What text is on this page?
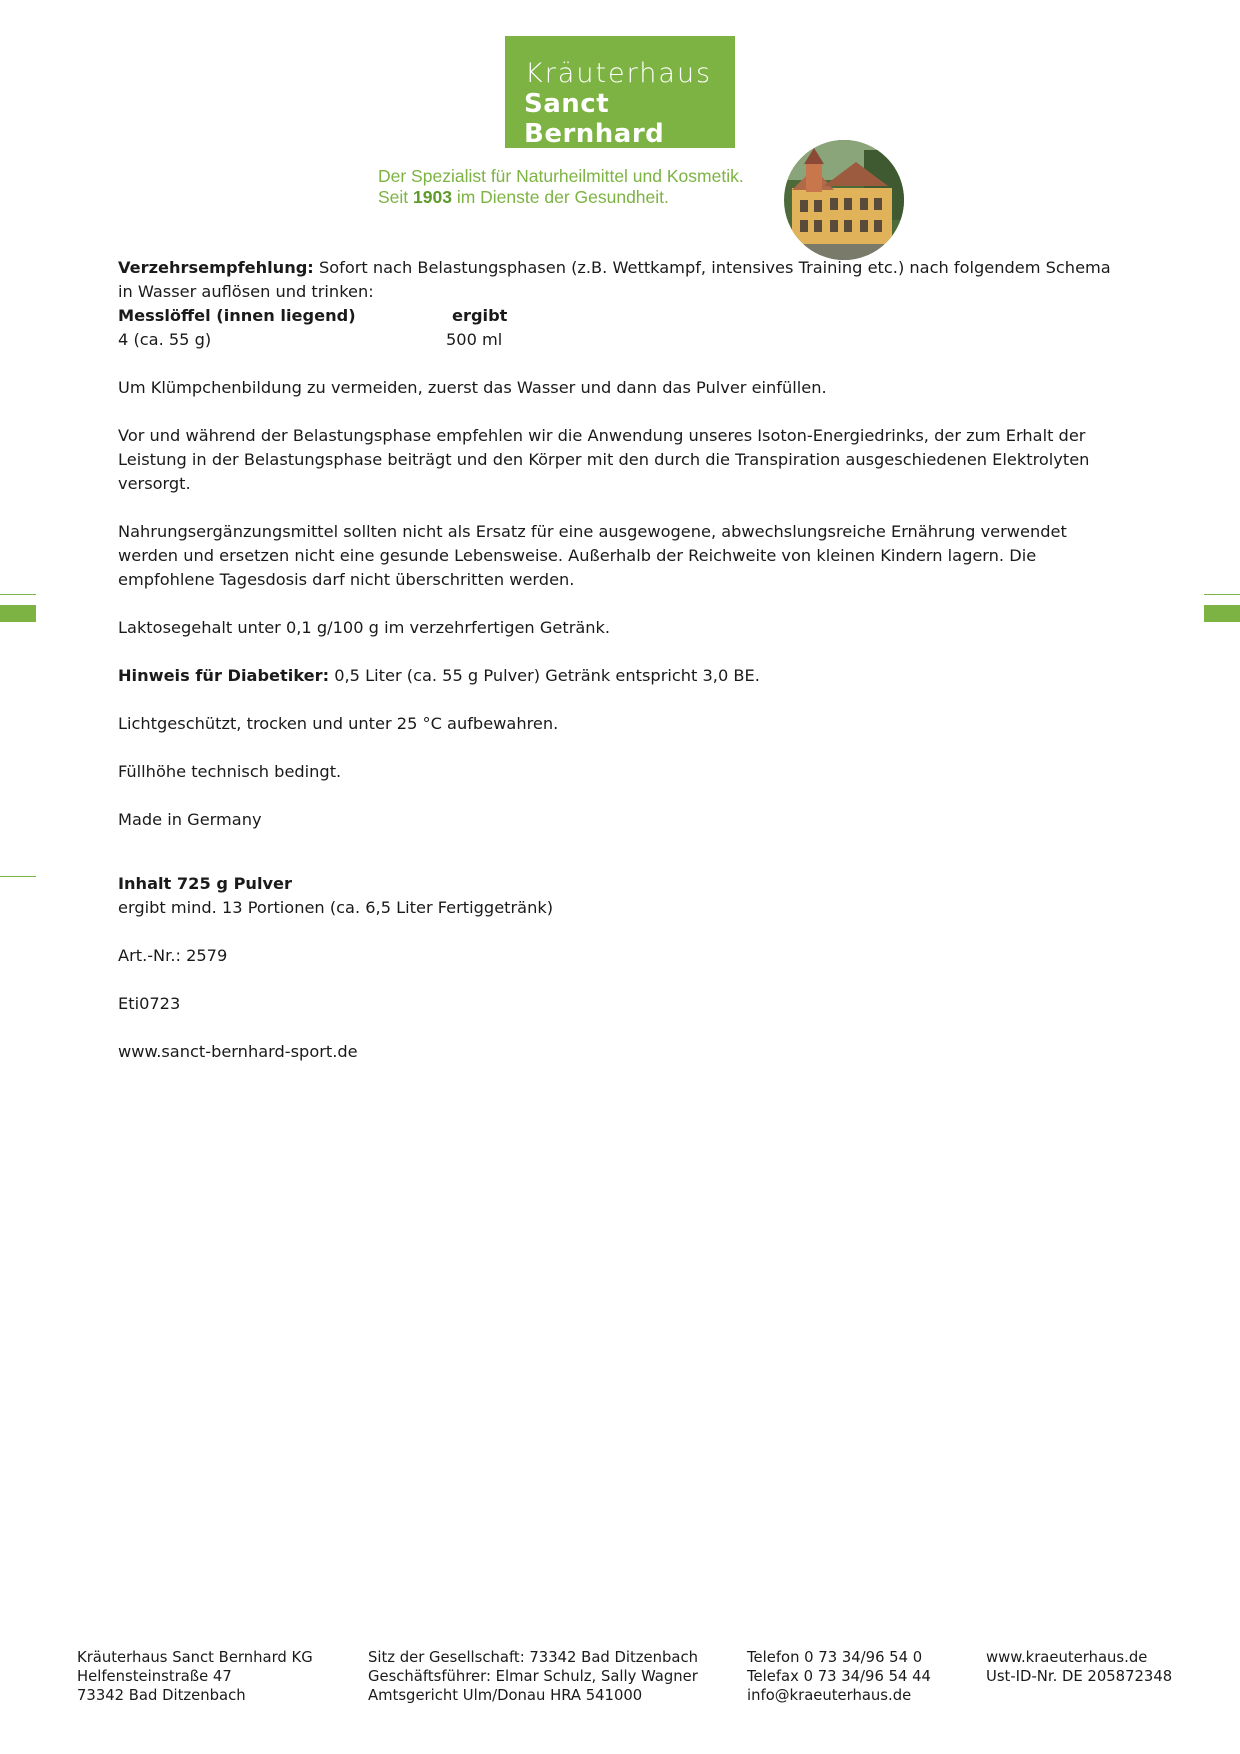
Kräuterhaus
Sanct Bernhard
Der Spezialist für Naturheilmittel und Kosmetik.
Seit 1903 im Dienste der Gesundheit.

Verzehrsempfehlung: Sofort nach Belastungsphasen (z.B. Wettkampf, intensives Training etc.) nach folgendem Schema in Wasser auflösen und trinken:

Messlöffel (innen liegend)	ergibt
4 (ca. 55 g)	500 ml

Um Klümpchenbildung zu vermeiden, zuerst das Wasser und dann das Pulver einfüllen.

Vor und während der Belastungsphase empfehlen wir die Anwendung unseres Isoton-Energiedrinks, der zum Erhalt der Leistung in der Belastungsphase beiträgt und den Körper mit den durch die Transpiration ausgeschiedenen Elektrolyten versorgt.

Nahrungsergänzungsmittel sollten nicht als Ersatz für eine ausgewogene, abwechslungsreiche Ernährung verwendet werden und ersetzen nicht eine gesunde Lebensweise. Außerhalb der Reichweite von kleinen Kindern lagern. Die empfohlene Tagesdosis darf nicht überschritten werden.

Laktosegehalt unter 0,1 g/100 g im verzehrfertigen Getränk.

Hinweis für Diabetiker: 0,5 Liter (ca. 55 g Pulver) Getränk entspricht 3,0 BE.

Lichtgeschützt, trocken und unter 25 °C aufbewahren.

Füllhöhe technisch bedingt.

Made in Germany

Inhalt 725 g Pulver

ergibt mind. 13 Portionen (ca. 6,5 Liter Fertiggetränk)

Art.-Nr.: 2579

Eti0723

www.sanct-bernhard-sport.de

Kräuterhaus Sanct Bernhard KG
Helfensteinstraße 47
73342 Bad Ditzenbach
Sitz der Gesellschaft: 73342 Bad Ditzenbach
Geschäftsführer: Elmar Schulz, Sally Wagner
Amtsgericht Ulm/Donau HRA 541000
Telefon 0 73 34/96 54 0
Telefax 0 73 34/96 54 44
info@kraeuterhaus.de
www.kraeuterhaus.de
Ust-ID-Nr. DE 205872348
